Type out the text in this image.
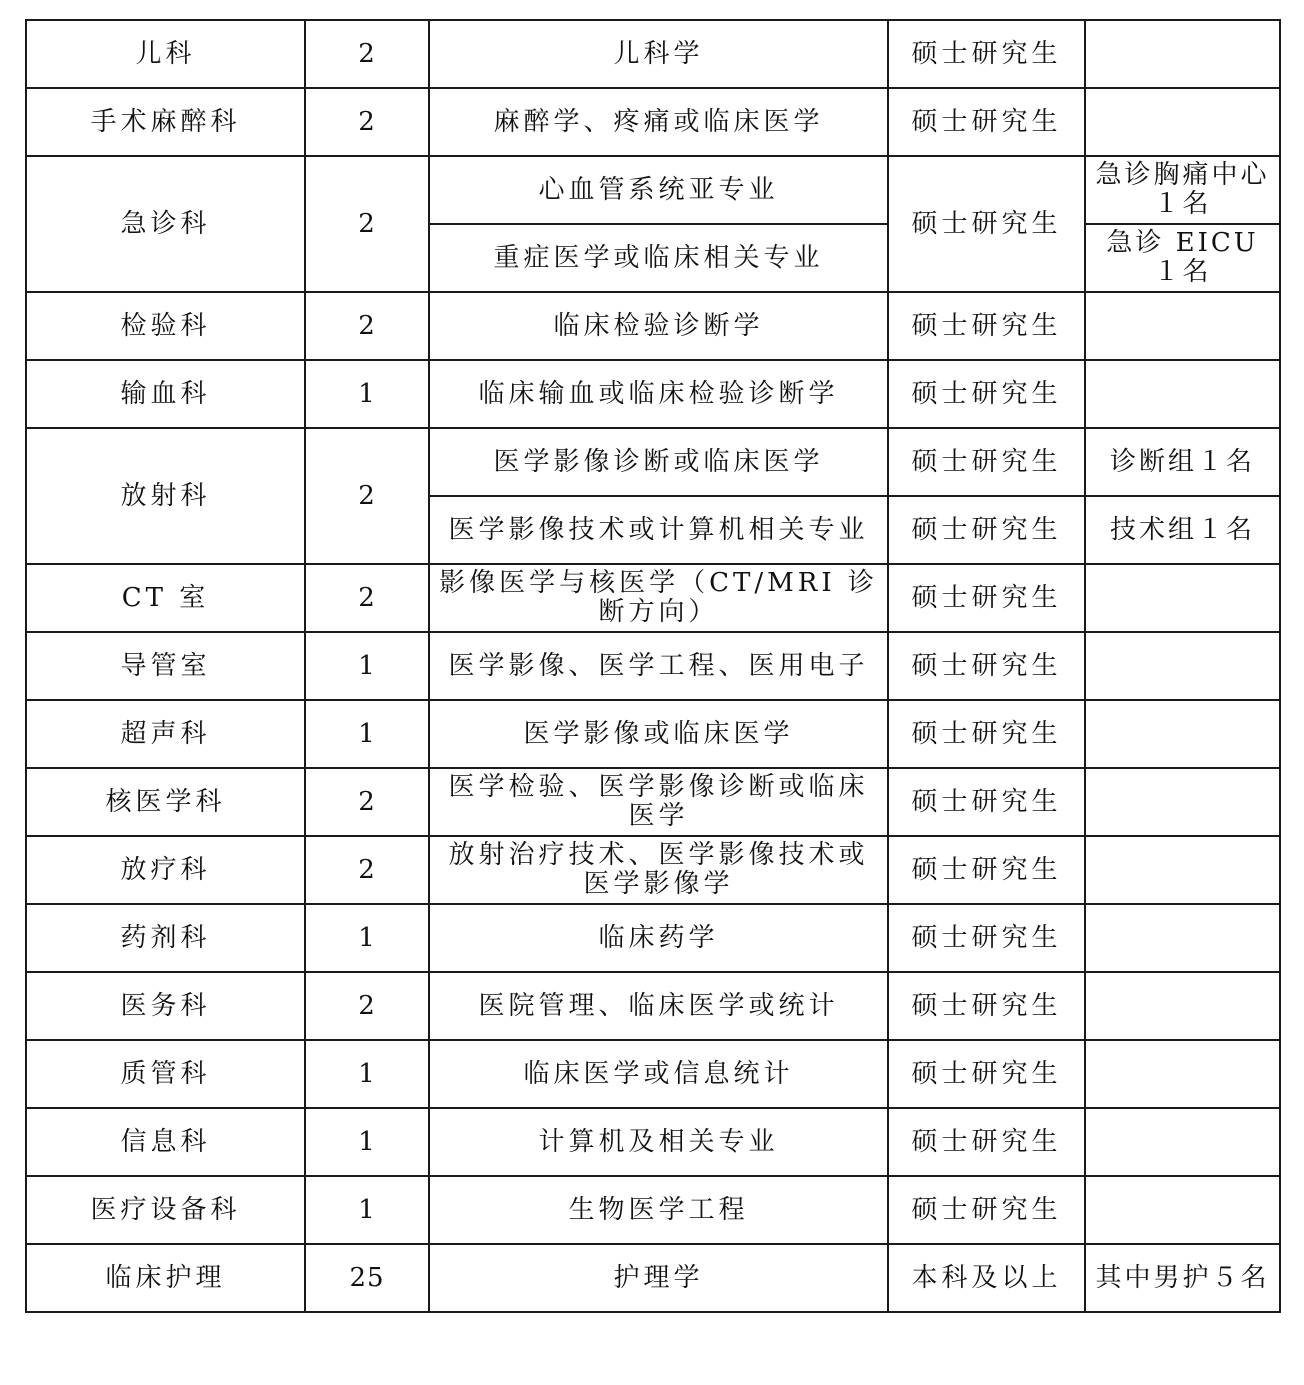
儿科	2	儿科学	硕士研究生	
手术麻醉科	2	麻醉学、疼痛或临床医学	硕士研究生	
急诊科	2	心血管系统亚专业	硕士研究生	急诊胸痛中心１名
		重症医学或临床相关专业		急诊 EICU １名
检验科	2	临床检验诊断学	硕士研究生	
输血科	1	临床输血或临床检验诊断学	硕士研究生	
放射科	2	医学影像诊断或临床医学	硕士研究生	诊断组１名
		医学影像技术或计算机相关专业	硕士研究生	技术组１名
CT 室	2	影像医学与核医学（CT/MRI 诊断方向）	硕士研究生	
导管室	1	医学影像、医学工程、医用电子	硕士研究生	
超声科	1	医学影像或临床医学	硕士研究生	
核医学科	2	医学检验、医学影像诊断或临床医学	硕士研究生	
放疗科	2	放射治疗技术、医学影像技术或医学影像学	硕士研究生	
药剂科	1	临床药学	硕士研究生	
医务科	2	医院管理、临床医学或统计	硕士研究生	
质管科	1	临床医学或信息统计	硕士研究生	
信息科	1	计算机及相关专业	硕士研究生	
医疗设备科	1	生物医学工程	硕士研究生	
临床护理	25	护理学	本科及以上	其中男护５名
